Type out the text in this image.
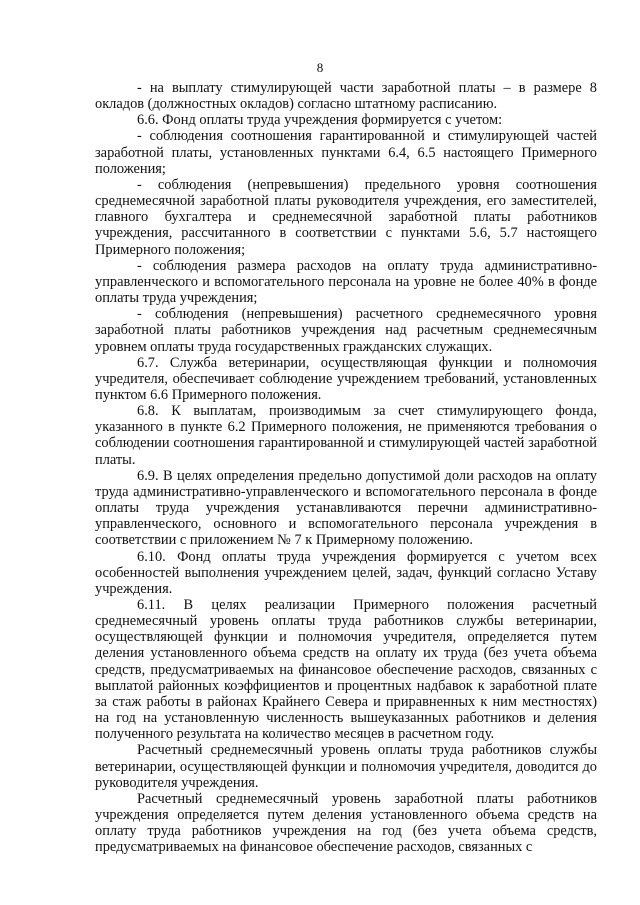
8

- на выплату стимулирующей части заработной платы – в размере 8 окладов (должностных окладов) согласно штатному расписанию.

6.6. Фонд оплаты труда учреждения формируется с учетом:

- соблюдения соотношения гарантированной и стимулирующей частей заработной платы, установленных пунктами 6.4, 6.5 настоящего Примерного положения;

- соблюдения (непревышения) предельного уровня соотношения среднемесячной заработной платы руководителя учреждения, его заместителей, главного бухгалтера и среднемесячной заработной платы работников учреждения, рассчитанного в соответствии с пунктами 5.6, 5.7 настоящего Примерного положения;

- соблюдения размера расходов на оплату труда административно-управленческого и вспомогательного персонала на уровне не более 40% в фонде оплаты труда учреждения;

- соблюдения (непревышения) расчетного среднемесячного уровня заработной платы работников учреждения над расчетным среднемесячным уровнем оплаты труда государственных гражданских служащих.

6.7. Служба ветеринарии, осуществляющая функции и полномочия учредителя, обеспечивает соблюдение учреждением требований, установленных пунктом 6.6 Примерного положения.

6.8. К выплатам, производимым за счет стимулирующего фонда, указанного в пункте 6.2 Примерного положения, не применяются требования о соблюдении соотношения гарантированной и стимулирующей частей заработной платы.

6.9. В целях определения предельно допустимой доли расходов на оплату труда административно-управленческого и вспомогательного персонала в фонде оплаты труда учреждения устанавливаются перечни административно-управленческого, основного и вспомогательного персонала учреждения в соответствии с приложением № 7 к Примерному положению.

6.10. Фонд оплаты труда учреждения формируется с учетом всех особенностей выполнения учреждением целей, задач, функций согласно Уставу учреждения.

6.11. В целях реализации Примерного положения расчетный среднемесячный уровень оплаты труда работников службы ветеринарии, осуществляющей функции и полномочия учредителя, определяется путем деления установленного объема средств на оплату их труда (без учета объема средств, предусматриваемых на финансовое обеспечение расходов, связанных с выплатой районных коэффициентов и процентных надбавок к заработной плате за стаж работы в районах Крайнего Севера и приравненных к ним местностях) на год на установленную численность вышеуказанных работников и деления полученного результата на количество месяцев в расчетном году.

Расчетный среднемесячный уровень оплаты труда работников службы ветеринарии, осуществляющей функции и полномочия учредителя, доводится до руководителя учреждения.

Расчетный среднемесячный уровень заработной платы работников учреждения определяется путем деления установленного объема средств на оплату труда работников учреждения на год (без учета объема средств, предусматриваемых на финансовое обеспечение расходов, связанных с
